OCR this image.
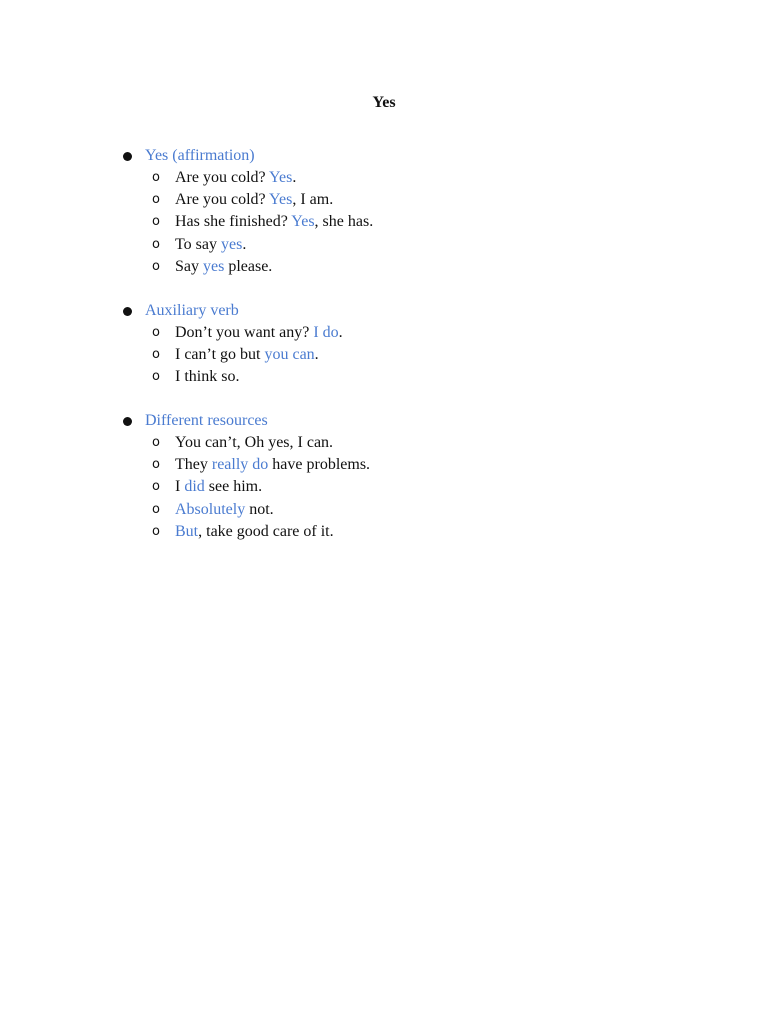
Yes
Yes (affirmation)
o Are you cold? Yes.
o Are you cold? Yes, I am.
o Has she finished? Yes, she has.
o To say yes.
o Say yes please.
Auxiliary verb
o Don’t you want any? I do.
o I can’t go but you can.
o I think so.
Different resources
o You can’t, Oh yes, I can.
o They really do have problems.
o I did see him.
o Absolutely not.
o But, take good care of it.
